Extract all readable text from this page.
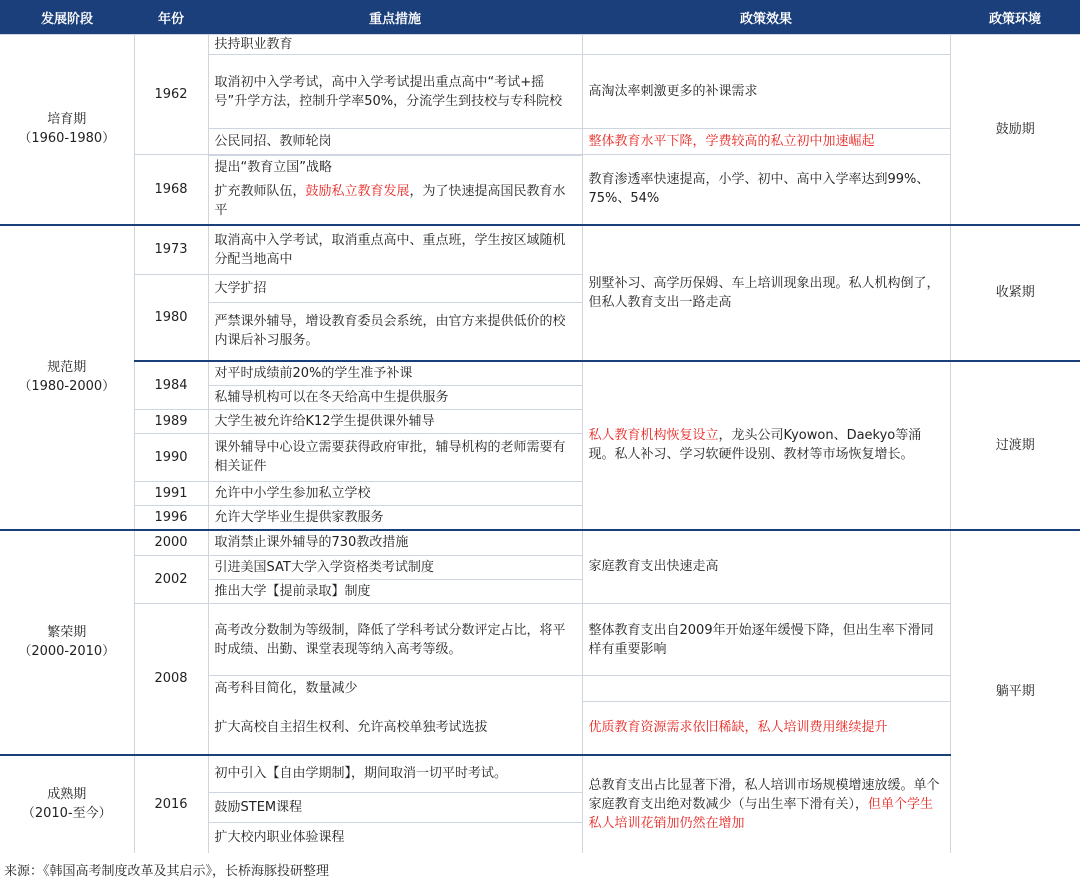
发展阶段	年份	重点措施	政策效果	政策环境
培育期
（1960-1980）	1962	扶持职业教育		鼓励期
		取消初中入学考试，高中入学考试提出重点高中“考试+摇号”升学方法，控制升学率50%，分流学生到技校与专科院校	高淘汰率刺激更多的补课需求	
		公民同招、教师轮岗	整体教育水平下降，学费较高的私立初中加速崛起	
	1968	提出“教育立国”战略	教育渗透率快速提高，小学、初中、高中入学率达到99%、75%、54%	
		扩充教师队伍，鼓励私立教育发展，为了快速提高国民教育水平		
规范期
（1980-2000）	1973	取消高中入学考试，取消重点高中、重点班，学生按区域随机分配当地高中	别墅补习、高学历保姆、车上培训现象出现。私人机构倒了，但私人教育支出一路走高	收紧期
	1980	大学扩招		
		严禁课外辅导，增设教育委员会系统，由官方来提供低价的校内课后补习服务。		
	1984	对平时成绩前20%的学生准予补课	私人教育机构恢复设立，龙头公司Kyowon、Daekyo等涌现。私人补习、学习软硬件设别、教材等市场恢复增长。	过渡期
		私辅导机构可以在冬天给高中生提供服务		
	1989	大学生被允许给K12学生提供课外辅导		
	1990	课外辅导中心设立需要获得政府审批，辅导机构的老师需要有相关证件		
	1991	允许中小学生参加私立学校		
	1996	允许大学毕业生提供家教服务		
繁荣期
（2000-2010）	2000	取消禁止课外辅导的730教改措施	家庭教育支出快速走高	躺平期
	2002	引进美国SAT大学入学资格类考试制度		
		推出大学【提前录取】制度		
	2008	高考改分数制为等级制，降低了学科考试分数评定占比，将平时成绩、出勤、课堂表现等纳入高考等级。	整体教育支出自2009年开始逐年缓慢下降，但出生率下滑同样有重要影响	
		高考科目简化，数量减少		
		扩大高校自主招生权利、允许高校单独考试选拔	优质教育资源需求依旧稀缺，私人培训费用继续提升	

成熟期
（2010-至今）	2016	初中引入【自由学期制】，期间取消一切平时考试。	总教育支出占比显著下滑，私人培训市场规模增速放缓。单个家庭教育支出绝对数减少（与出生率下滑有关），但单个学生私人培训花销加仍然在增加	
		鼓励STEM课程		
		扩大校内职业体验课程		
来源：《韩国高考制度改革及其启示》，长桥海豚投研整理
